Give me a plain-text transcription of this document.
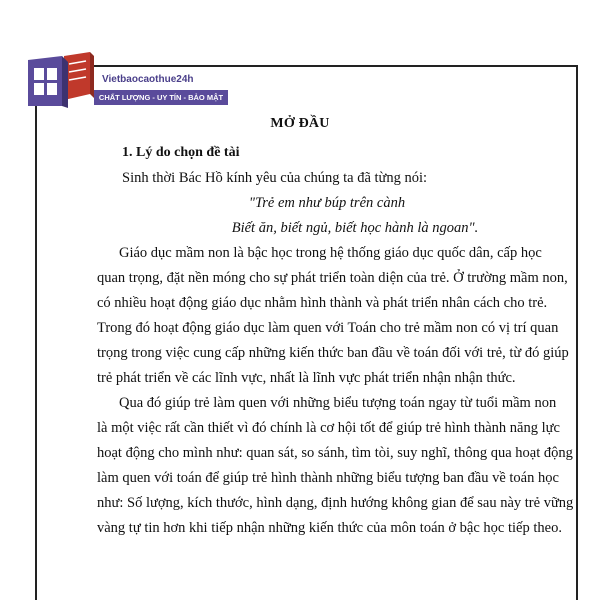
MỞ ĐẦU
1. Lý do chọn đề tài
Sinh thời Bác Hồ kính yêu của chúng ta đã từng nói:
"Trẻ em như búp trên cành
Biết ăn, biết ngủ, biết học hành là ngoan".
Giáo dục mầm non là bậc học trong hệ thống giáo dục quốc dân, cấp học
quan trọng, đặt nền móng cho sự phát triển toàn diện của trẻ. Ở trường mầm non,
có nhiều hoạt động giáo dục nhằm hình thành và phát triển nhân cách cho trẻ.
Trong đó hoạt động giáo dục làm quen với Toán cho trẻ mầm non có vị trí quan
trọng trong việc cung cấp những kiến thức ban đầu về toán đối với trẻ, từ đó giúp
trẻ phát triển về các lĩnh vực, nhất là lĩnh vực phát triển nhận nhận thức.
Qua đó giúp trẻ làm quen với những biểu tượng toán ngay từ tuổi mầm non
là một việc rất cần thiết vì đó chính là cơ hội tốt để giúp trẻ hình thành năng lực
hoạt động cho mình như: quan sát, so sánh, tìm tòi, suy nghĩ, thông qua hoạt động
làm quen với toán để giúp trẻ hình thành những biểu tượng ban đầu về toán học
như: Số lượng, kích thước, hình dạng, định hướng không gian để sau này trẻ vững
vàng tự tin hơn khi tiếp nhận những kiến thức của môn toán ở bậc học tiếp theo.
Vietbaocaothue24h
CHẤT LƯỢNG - UY TÍN - BẢO MẬT
